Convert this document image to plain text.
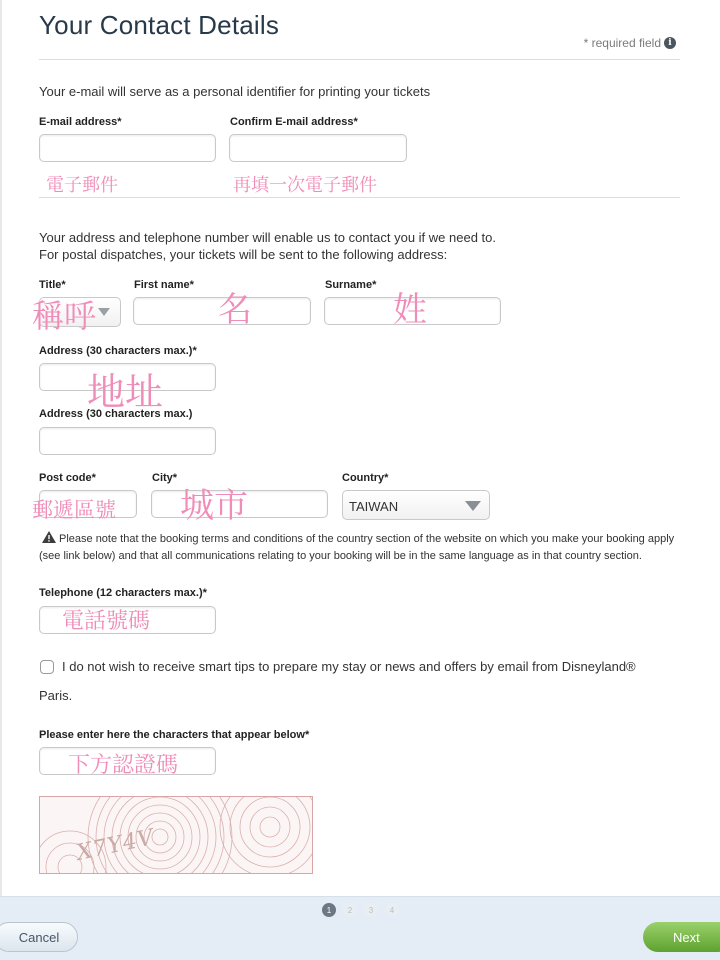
Your Contact Details
* required field i
Your e-mail will serve as a personal identifier for printing your tickets
E-mail address*	Confirm E-mail address*
電子郵件	再填一次電子郵件
Your address and telephone number will enable us to contact you if we need to.
For postal dispatches, your tickets will be sent to the following address:
Title*	First name*	Surname*
稱呼	名	姓
Address (30 characters max.)*
地址
Address (30 characters max.)
Post code*	City*	Country*
TAIWAN
郵遞區號 城市
Please note that the booking terms and conditions of the country section of the website on which you make your booking apply (see link below) and that all communications relating to your booking will be in the same language as in that country section.
Telephone (12 characters max.)*
電話號碼
I do not wish to receive smart tips to prepare my stay or news and offers by email from Disneyland®
Paris.
Please enter here the characters that appear below*
下方認證碼
X7Y4V
1	2	3	4
Cancel	Next
